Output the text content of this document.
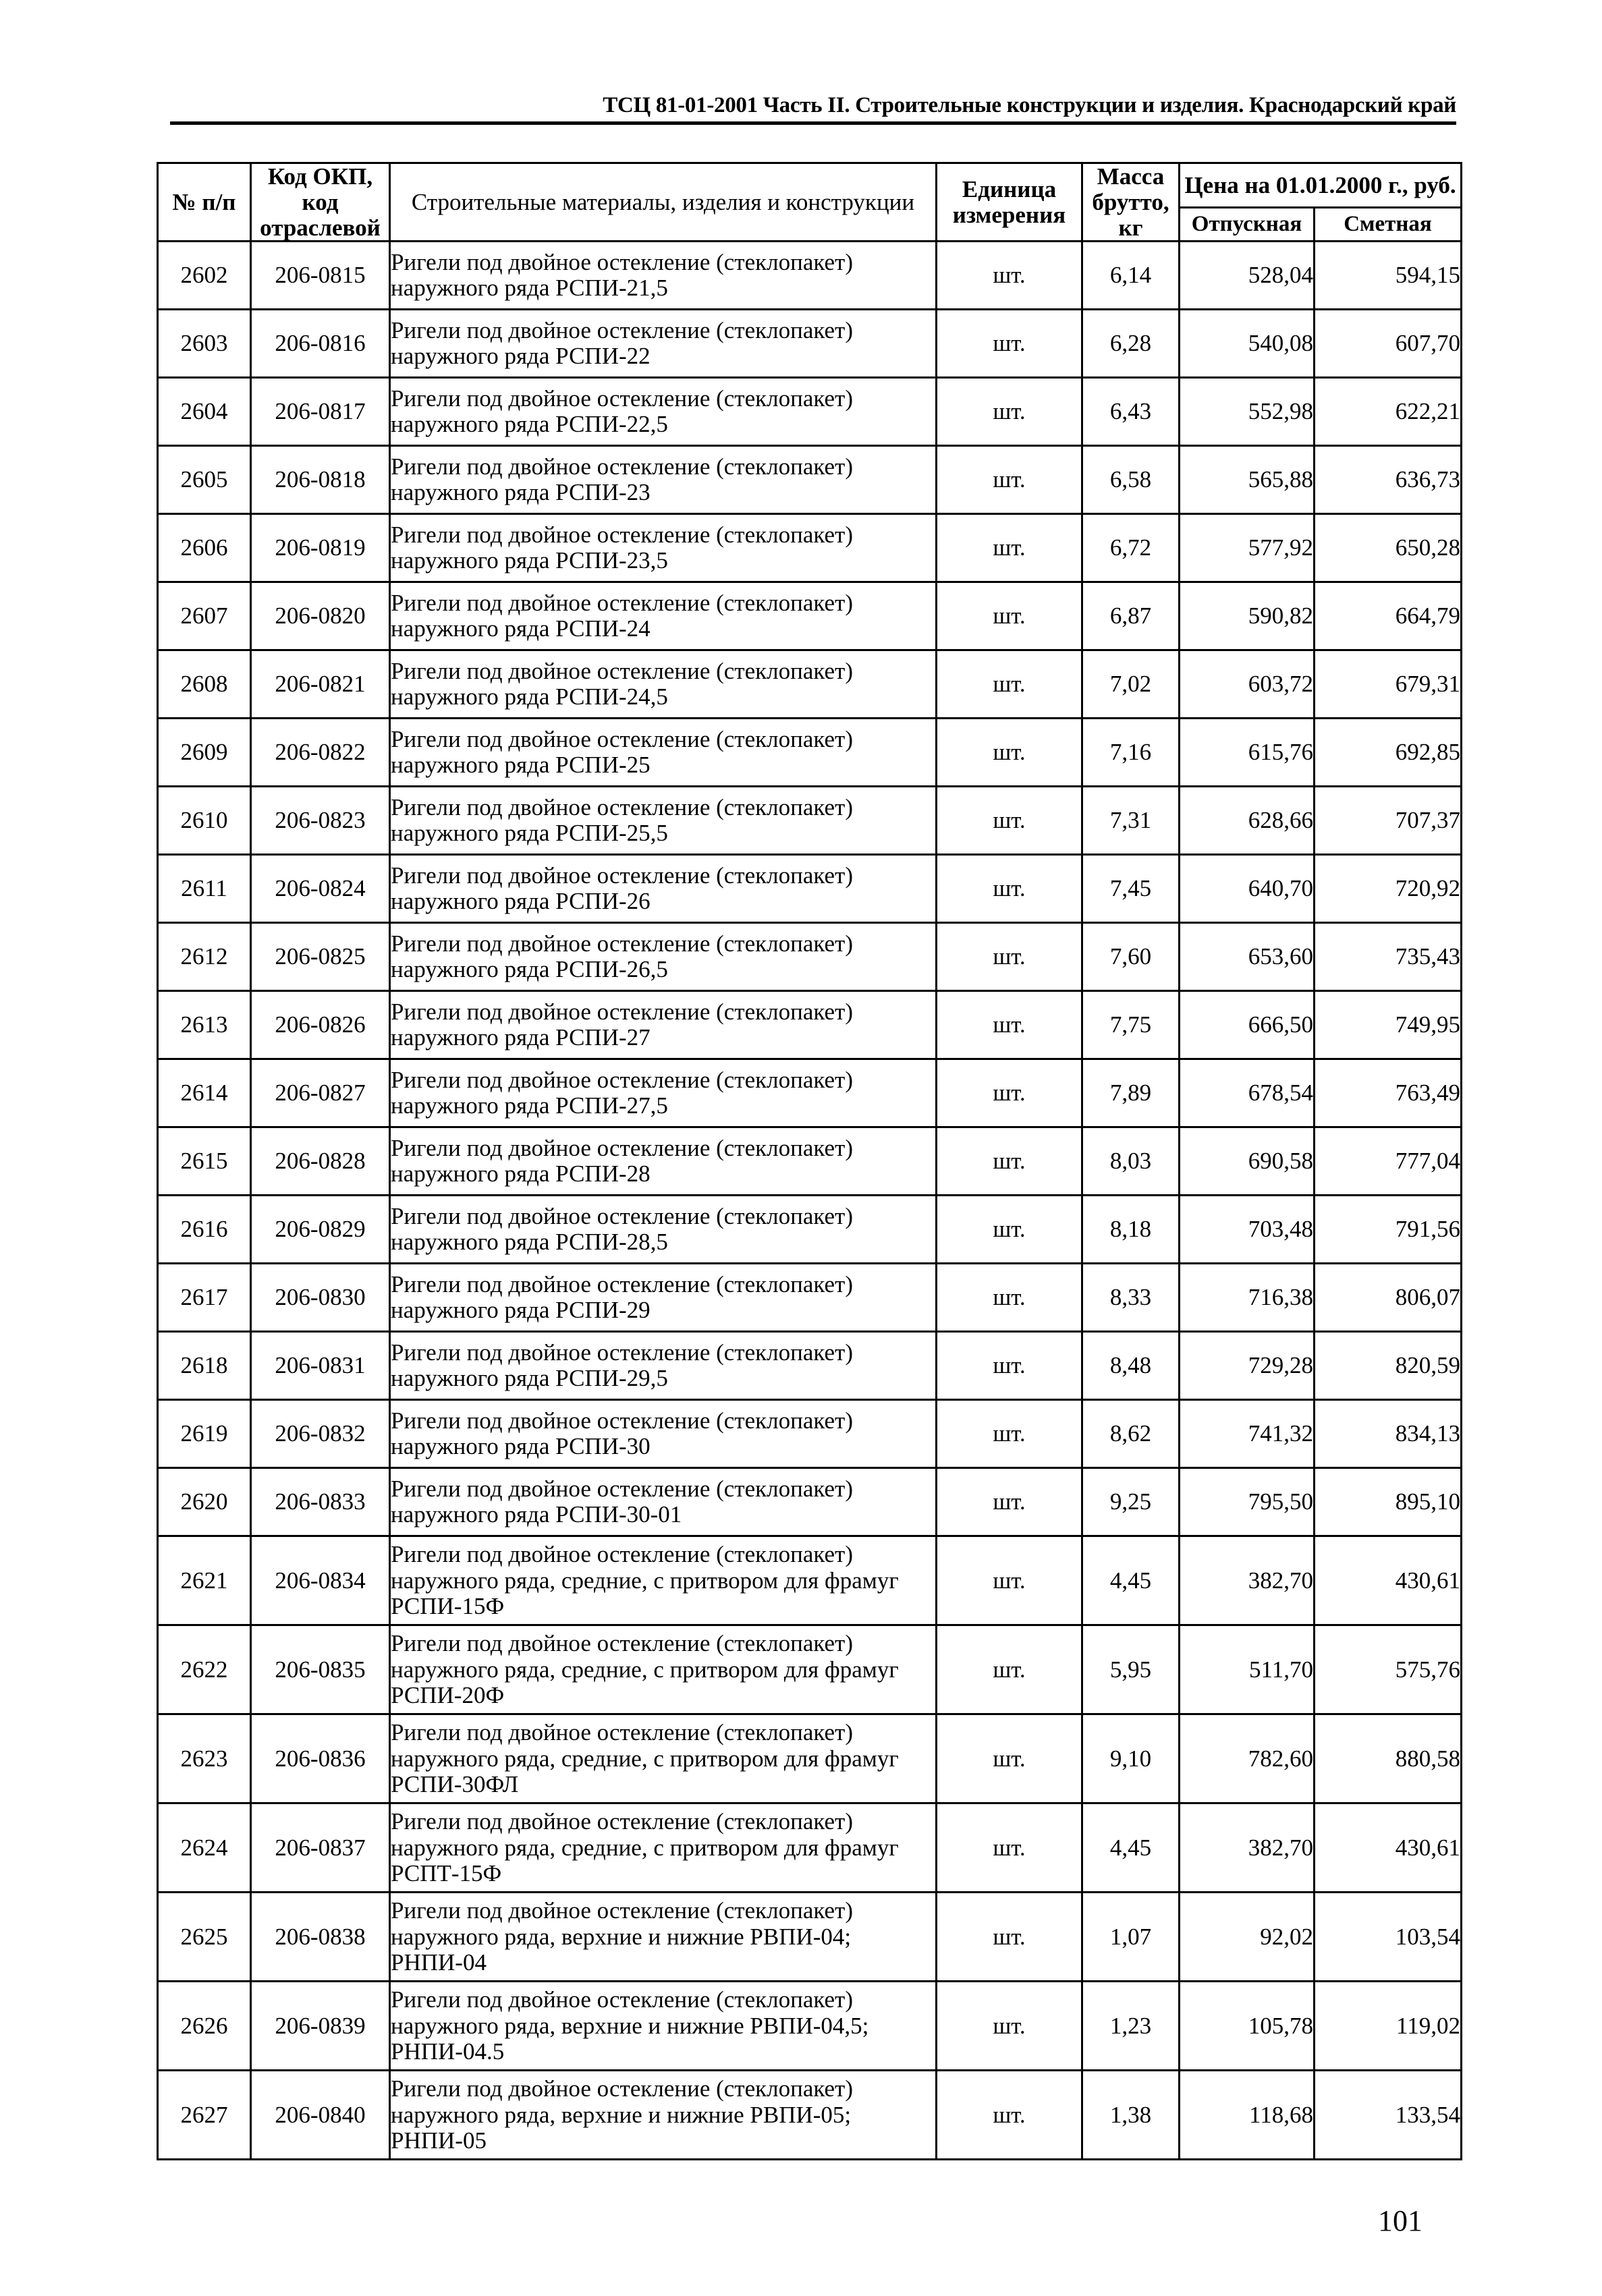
ТСЦ 81-01-2001 Часть II. Строительные конструкции и изделия. Краснодарский край
№ п/п	Код ОКП, код отраслевой	Строительные материалы, изделия и конструкции	Единица измерения	Масса брутто, кг	Цена на 01.01.2000 г., руб.	
					Отпускная	Сметная
2602	206-0815	Ригели под двойное остекление (стеклопакет) наружного ряда РСПИ-21,5	шт.	6,14	528,04	594,15
2603	206-0816	Ригели под двойное остекление (стеклопакет) наружного ряда РСПИ-22	шт.	6,28	540,08	607,70
2604	206-0817	Ригели под двойное остекление (стеклопакет) наружного ряда РСПИ-22,5	шт.	6,43	552,98	622,21
2605	206-0818	Ригели под двойное остекление (стеклопакет) наружного ряда РСПИ-23	шт.	6,58	565,88	636,73
2606	206-0819	Ригели под двойное остекление (стеклопакет) наружного ряда РСПИ-23,5	шт.	6,72	577,92	650,28
2607	206-0820	Ригели под двойное остекление (стеклопакет) наружного ряда РСПИ-24	шт.	6,87	590,82	664,79
2608	206-0821	Ригели под двойное остекление (стеклопакет) наружного ряда РСПИ-24,5	шт.	7,02	603,72	679,31
2609	206-0822	Ригели под двойное остекление (стеклопакет) наружного ряда РСПИ-25	шт.	7,16	615,76	692,85
2610	206-0823	Ригели под двойное остекление (стеклопакет) наружного ряда РСПИ-25,5	шт.	7,31	628,66	707,37
2611	206-0824	Ригели под двойное остекление (стеклопакет) наружного ряда РСПИ-26	шт.	7,45	640,70	720,92
2612	206-0825	Ригели под двойное остекление (стеклопакет) наружного ряда РСПИ-26,5	шт.	7,60	653,60	735,43
2613	206-0826	Ригели под двойное остекление (стеклопакет) наружного ряда РСПИ-27	шт.	7,75	666,50	749,95
2614	206-0827	Ригели под двойное остекление (стеклопакет) наружного ряда РСПИ-27,5	шт.	7,89	678,54	763,49
2615	206-0828	Ригели под двойное остекление (стеклопакет) наружного ряда РСПИ-28	шт.	8,03	690,58	777,04
2616	206-0829	Ригели под двойное остекление (стеклопакет) наружного ряда РСПИ-28,5	шт.	8,18	703,48	791,56
2617	206-0830	Ригели под двойное остекление (стеклопакет) наружного ряда РСПИ-29	шт.	8,33	716,38	806,07
2618	206-0831	Ригели под двойное остекление (стеклопакет) наружного ряда РСПИ-29,5	шт.	8,48	729,28	820,59
2619	206-0832	Ригели под двойное остекление (стеклопакет) наружного ряда РСПИ-30	шт.	8,62	741,32	834,13
2620	206-0833	Ригели под двойное остекление (стеклопакет) наружного ряда РСПИ-30-01	шт.	9,25	795,50	895,10
2621	206-0834	Ригели под двойное остекление (стеклопакет) наружного ряда, средние, с притвором для фрамуг РСПИ-15Ф	шт.	4,45	382,70	430,61
2622	206-0835	Ригели под двойное остекление (стеклопакет) наружного ряда, средние, с притвором для фрамуг РСПИ-20Ф	шт.	5,95	511,70	575,76
2623	206-0836	Ригели под двойное остекление (стеклопакет) наружного ряда, средние, с притвором для фрамуг РСПИ-30ФЛ	шт.	9,10	782,60	880,58
2624	206-0837	Ригели под двойное остекление (стеклопакет) наружного ряда, средние, с притвором для фрамуг РСПТ-15Ф	шт.	4,45	382,70	430,61
2625	206-0838	Ригели под двойное остекление (стеклопакет) наружного ряда, верхние и нижние РВПИ-04; РНПИ-04	шт.	1,07	92,02	103,54
2626	206-0839	Ригели под двойное остекление (стеклопакет) наружного ряда, верхние и нижние РВПИ-04,5; РНПИ-04.5	шт.	1,23	105,78	119,02
2627	206-0840	Ригели под двойное остекление (стеклопакет) наружного ряда, верхние и нижние РВПИ-05; РНПИ-05	шт.	1,38	118,68	133,54
101
